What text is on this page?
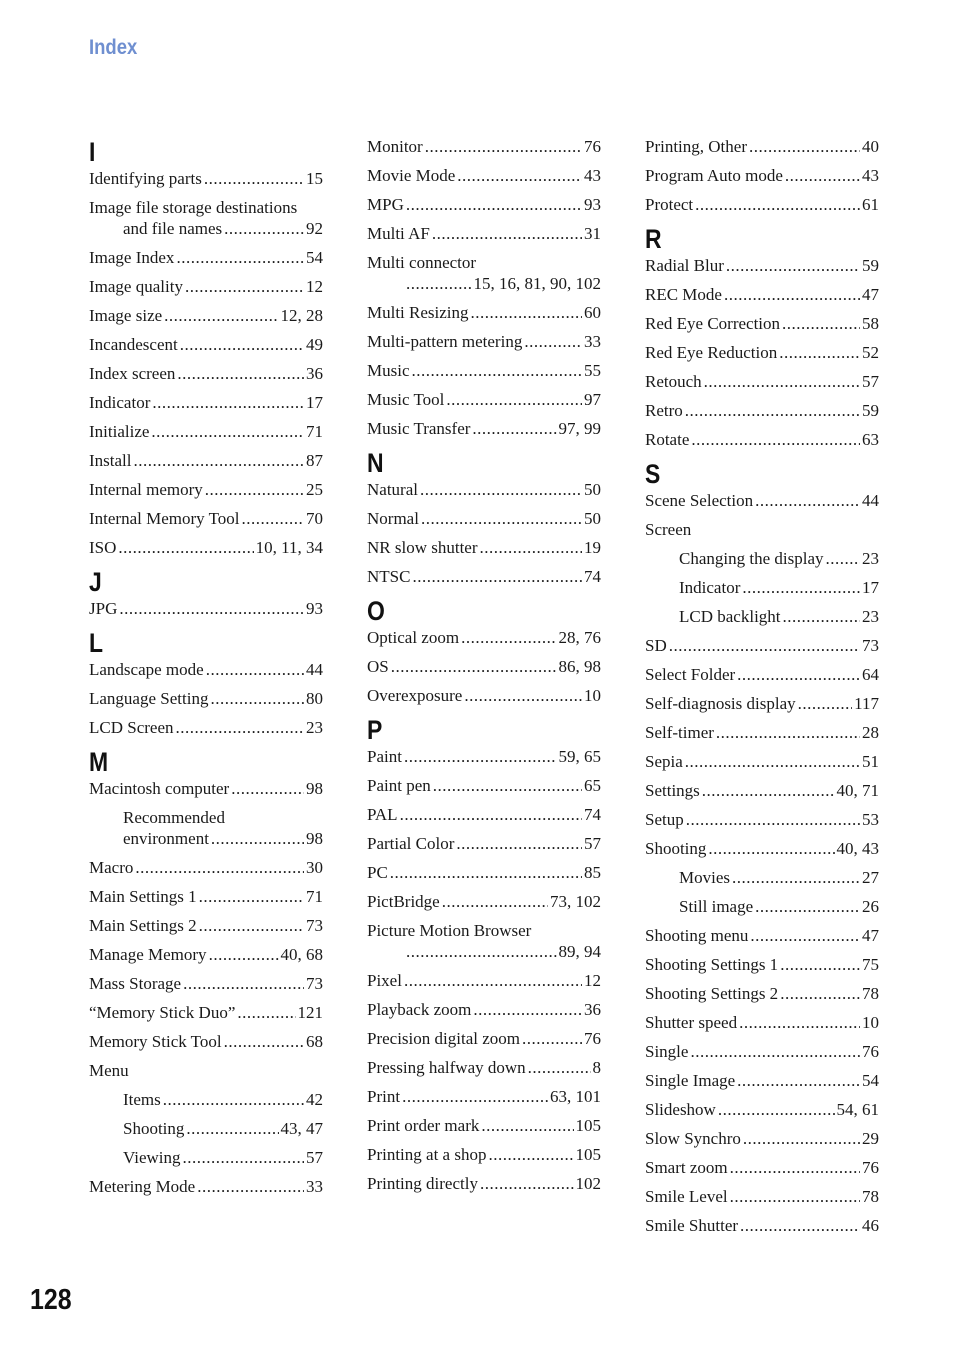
Index
I
Identifying parts .....	15
Image file storage destinations
and file names .....	92
Image Index .....	54
Image quality .....	12
Image size .....	12, 28
Incandescent .....	49
Index screen .....	36
Indicator .....	17
Initialize .....	71
Install .....	87
Internal memory .....	25
Internal Memory Tool .....	70
ISO .....	10, 11, 34
J
JPG .....	93
L
Landscape mode .....	44
Language Setting .....	80
LCD Screen .....	23
M
Macintosh computer .....	98
Recommended
environment .....	98
Macro .....	30
Main Settings 1 .....	71
Main Settings 2 .....	73
Manage Memory .....	40, 68
Mass Storage .....	73
“Memory Stick Duo” .....	121
Memory Stick Tool .....	68
Menu
Items .....	42
Shooting .....	43, 47
Viewing .....	57
Metering Mode .....	33
Monitor .....	76
Movie Mode .....	43
MPG .....	93
Multi AF .....	31
Multi connector
.....
15, 16, 81, 90, 102
Multi Resizing .....	60
Multi-pattern metering .....	33
Music .....	55
Music Tool .....	97
Music Transfer .....	97, 99
N
Natural .....	50
Normal .....	50
NR slow shutter .....	19
NTSC .....	74
O
Optical zoom .....	28, 76
OS .....	86, 98
Overexposure .....	10
P
Paint .....	59, 65
Paint pen .....	65
PAL .....	74
Partial Color .....	57
PC .....	85
PictBridge .....	73, 102
Picture Motion Browser
.....
89, 94
Pixel .....	12
Playback zoom .....	36
Precision digital zoom .....	76
Pressing halfway down .....	8
Print .....	63, 101
Print order mark .....	105
Printing at a shop .....	105
Printing directly .....	102
Printing, Other .....	40
Program Auto mode .....	43
Protect .....	61
R
Radial Blur .....	59
REC Mode .....	47
Red Eye Correction .....	58
Red Eye Reduction .....	52
Retouch .....	57
Retro .....	59
Rotate .....	63
S
Scene Selection .....	44
Screen
Changing the display ..... 23
Indicator .....	17
LCD backlight .....	23
SD .....	73
Select Folder .....	64
Self-diagnosis display .....	117
Self-timer .....	28
Sepia .....	51
Settings .....	40, 71
Setup .....	53
Shooting .....	40, 43
Movies .....	27
Still image .....	26
Shooting menu .....	47
Shooting Settings 1 .....	75
Shooting Settings 2 .....	78
Shutter speed .....	10
Single .....	76
Single Image .....	54
Slideshow .....	54, 61
Slow Synchro .....	29
Smart zoom .....	76
Smile Level .....	78
Smile Shutter .....	46
128
